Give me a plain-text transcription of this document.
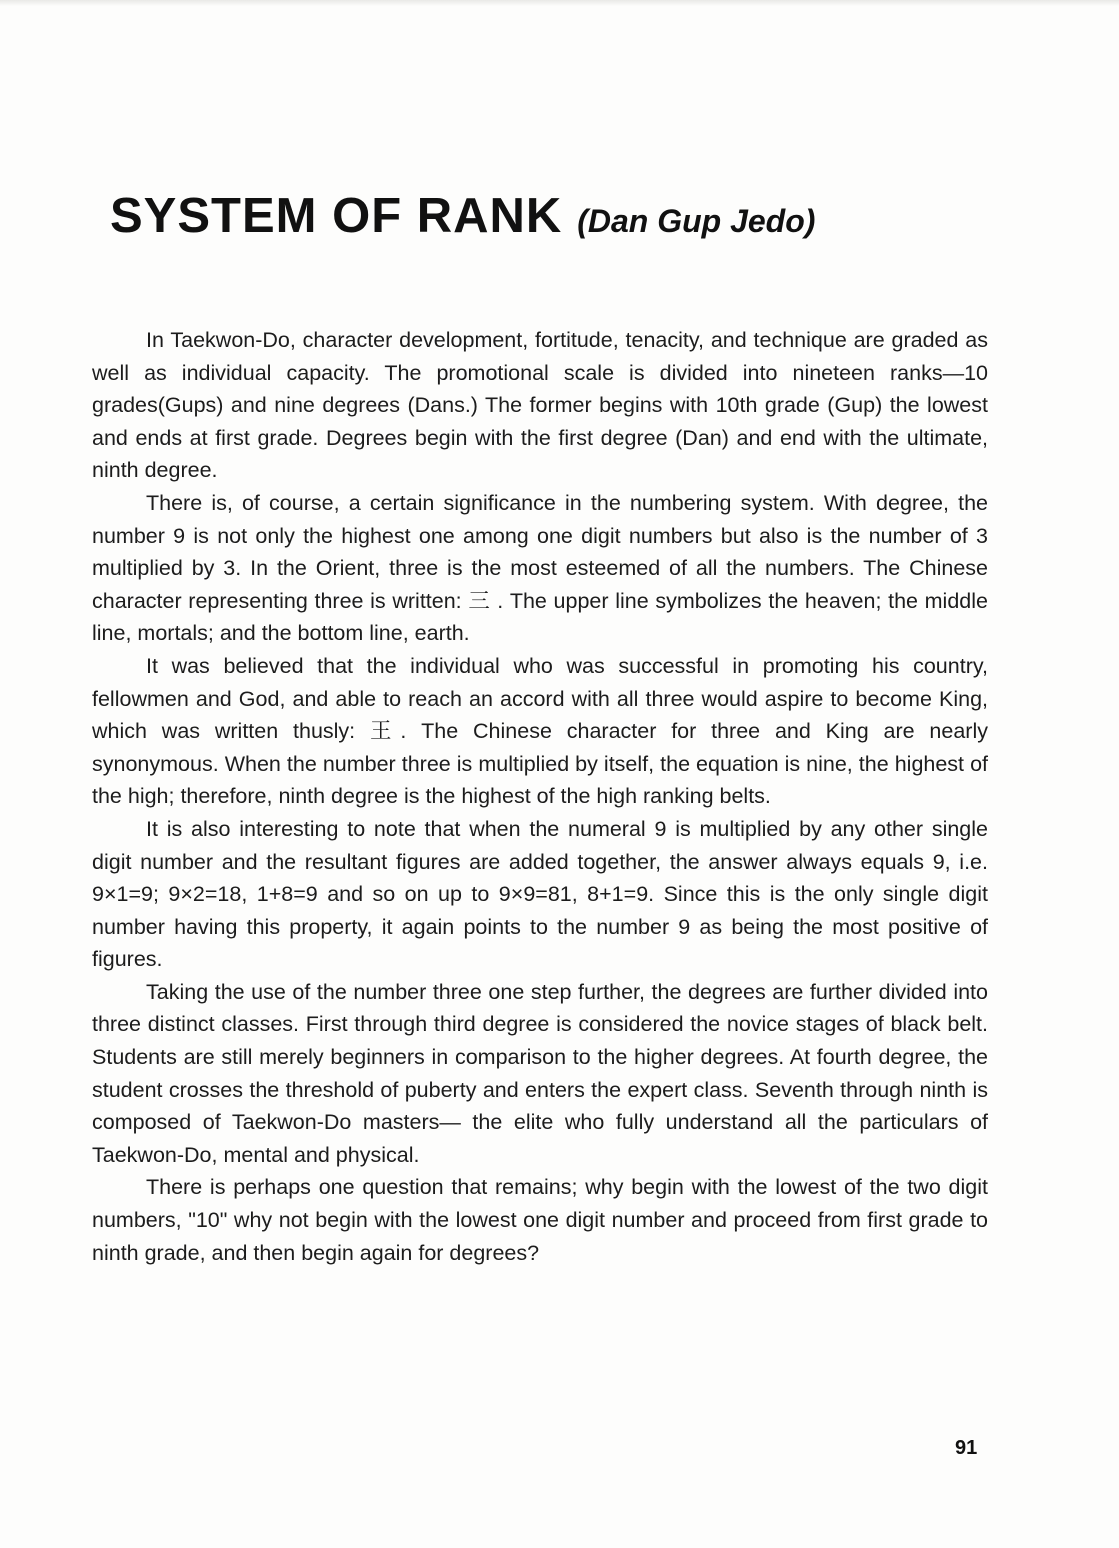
SYSTEM OF RANK (Dan Gup Jedo)

In Taekwon-Do, character development, fortitude, tenacity, and technique are graded as well as individual capacity. The promotional scale is divided into nineteen ranks—10 grades(Gups) and nine degrees (Dans.) The former begins with 10th grade (Gup) the lowest and ends at first grade. Degrees begin with the first degree (Dan) and end with the ultimate, ninth degree.

There is, of course, a certain significance in the numbering system. With degree, the number 9 is not only the highest one among one digit numbers but also is the number of 3 multiplied by 3. In the Orient, three is the most esteemed of all the numbers. The Chinese character representing three is written: 三 . The upper line symbolizes the heaven; the middle line, mortals; and the bottom line, earth.

It was believed that the individual who was successful in promoting his country, fellowmen and God, and able to reach an accord with all three would aspire to become King, which was written thusly: 王. The Chinese character for three and King are nearly synonymous. When the number three is multiplied by itself, the equation is nine, the highest of the high; therefore, ninth degree is the highest of the high ranking belts.

It is also interesting to note that when the numeral 9 is multiplied by any other single digit number and the resultant figures are added together, the answer always equals 9, i.e. 9×1=9; 9×2=18, 1+8=9 and so on up to 9×9=81, 8+1=9. Since this is the only single digit number having this property, it again points to the number 9 as being the most positive of figures.

Taking the use of the number three one step further, the degrees are further divided into three distinct classes. First through third degree is considered the novice stages of black belt. Students are still merely beginners in comparison to the higher degrees. At fourth degree, the student crosses the threshold of puberty and enters the expert class. Seventh through ninth is composed of Taekwon-Do masters— the elite who fully understand all the particulars of Taekwon-Do, mental and physical.

There is perhaps one question that remains; why begin with the lowest of the two digit numbers, "10" why not begin with the lowest one digit number and proceed from first grade to ninth grade, and then begin again for degrees?

91
